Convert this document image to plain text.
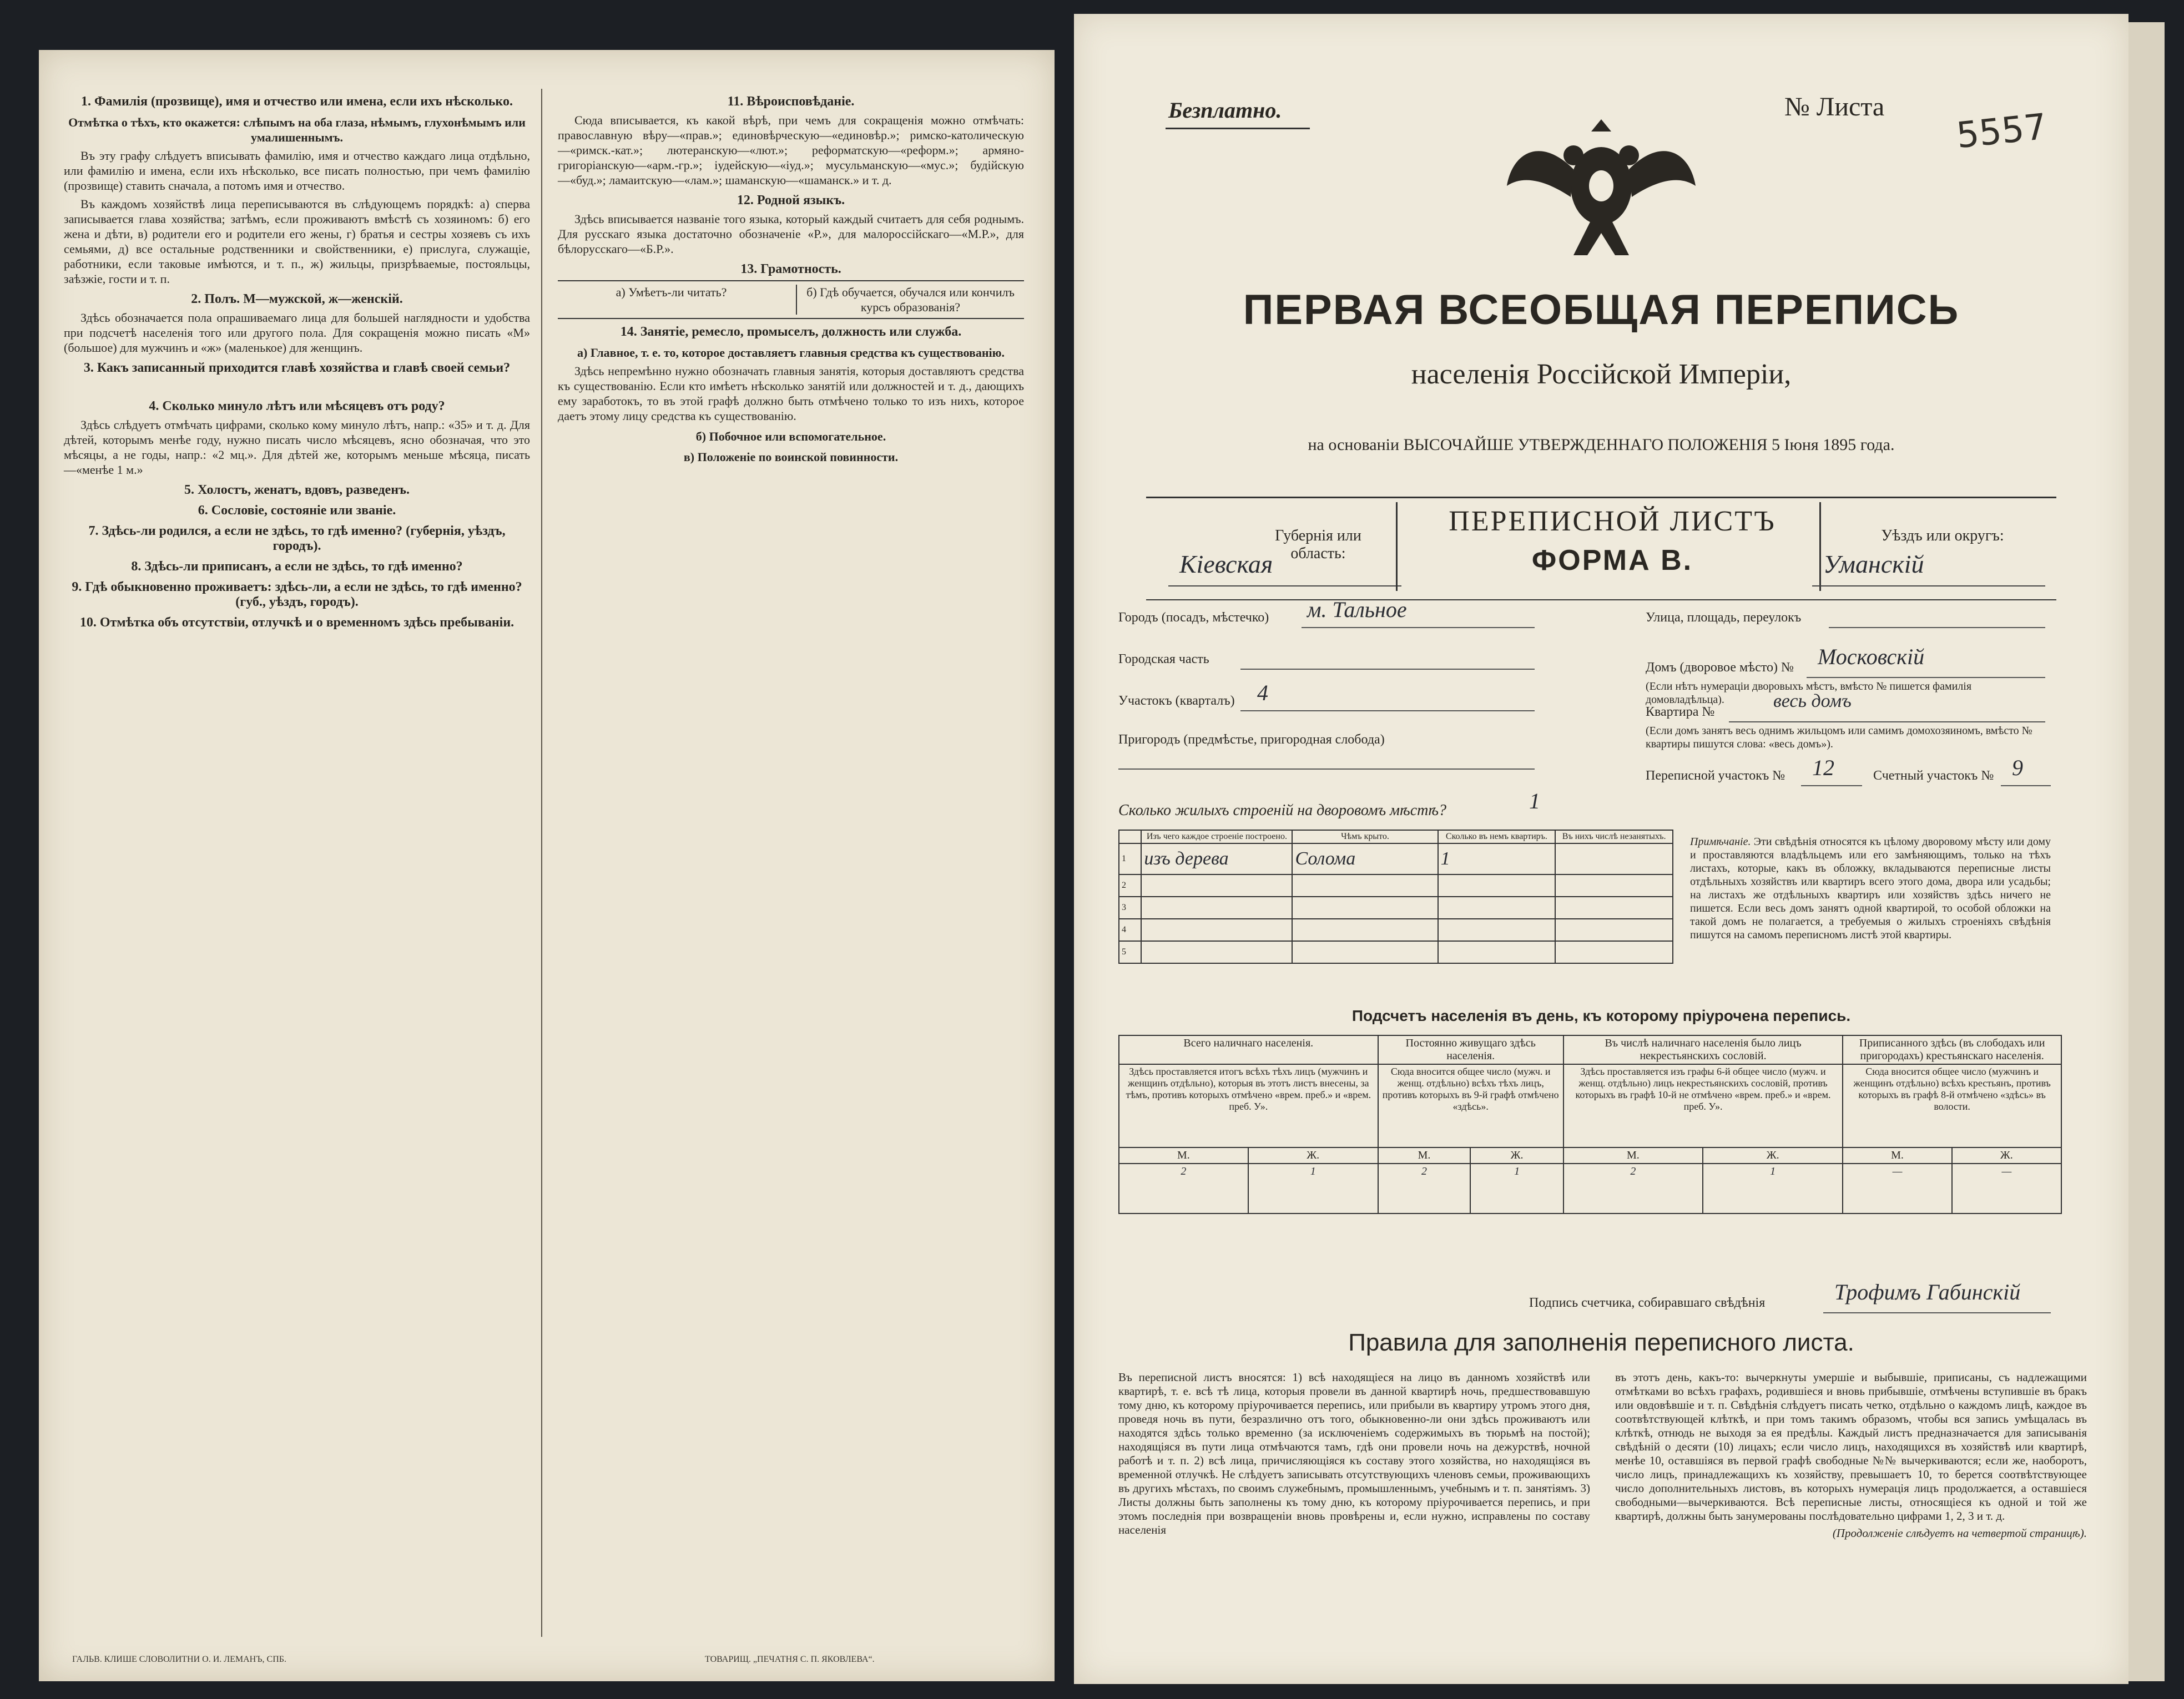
1. Фамилія (прозвище), имя и отчество или имена, если ихъ нѣсколько.
Отмѣтка о тѣхъ, кто окажется: слѣпымъ на оба глаза, нѣмымъ, глухонѣмымъ или умалишеннымъ.

Въ эту графу слѣдуетъ вписывать фамилію, имя и отчество каждаго лица отдѣльно, или фамилію и имена, если ихъ нѣсколько, все писать полностью, при чемъ фамилію (прозвище) ставить сначала, а потомъ имя и отчество.

Въ каждомъ хозяйствѣ лица переписываются въ слѣдующемъ порядкѣ: а) сперва записывается глава хозяйства; затѣмъ, если проживаютъ вмѣстѣ съ хозяиномъ: б) его жена и дѣти, в) родители его и родители его жены, г) братья и сестры хозяевъ съ ихъ семьями, д) все остальные родственники и свойственники, е) прислуга, служащіе, работники, если таковые имѣются, и т. п., ж) жильцы, призрѣваемые, постояльцы, заѣзжіе, гости и т. п.

2. Полъ. М—мужской, ж—женскій.

Здѣсь обозначается пола опрашиваемаго лица для большей наглядности и удобства при подсчетѣ населенія того или другого пола. Для сокращенія можно писать «М» (большое) для мужчинъ и «ж» (маленькое) для женщинъ.

3. Какъ записанный приходится главѣ хозяйства и главѣ своей семьи?

4. Сколько минуло лѣтъ или мѣсяцевъ отъ роду?

Здѣсь слѣдуетъ отмѣчать цифрами, сколько кому минуло лѣтъ, напр.: «35» и т. д. Для дѣтей, которымъ менѣе году, нужно писать число мѣсяцевъ, ясно обозначая, что это мѣсяцы, а не годы, напр.: «2 мц.». Для дѣтей же, которымъ меньше мѣсяца, писать—«менѣе 1 м.»

5. Холостъ, женатъ, вдовъ, разведенъ.
6. Сословіе, состояніе или званіе.
7. Здѣсь-ли родился, а если не здѣсь, то гдѣ именно? (губернія, уѣздъ, городъ).
8. Здѣсь-ли приписанъ, а если не здѣсь, то гдѣ именно?
9. Гдѣ обыкновенно проживаетъ: здѣсь-ли, а если не здѣсь, то гдѣ именно? (губ., уѣздъ, городъ).
10. Отмѣтка объ отсутствіи, отлучкѣ и о временномъ здѣсь пребываніи.
11. Вѣроисповѣданіе.

Сюда вписывается, къ какой вѣрѣ, при чемъ для сокращенія можно отмѣчать: православную вѣру—«прав.»; единовѣрческую—«единовѣр.»; римско-католическую—«римск.-кат.»; лютеранскую—«лют.»; реформатскую—«реформ.»; армяно-григоріанскую—«арм.-гр.»; іудейскую—«іуд.»; мусульманскую—«мус.»; будійскую—«буд.»; ламаитскую—«лам.»; шаманскую—«шаманск.» и т. д.

12. Родной языкъ.

Здѣсь вписывается названіе того языка, который каждый считаетъ для себя роднымъ. Для русскаго языка достаточно обозначеніе «Р.», для малороссійскаго—«М.Р.», для бѣлорусскаго—«Б.Р.».

13. Грамотность.
а) Умѣетъ-ли читать?	б) Гдѣ обучается, обучался или кончилъ курсъ образованія?
14. Занятіе, ремесло, промыселъ, должность или служба.
а) Главное, т. е. то, которое доставляетъ главныя средства къ существованію.

Здѣсь непремѣнно нужно обозначать главныя занятія, которыя доставляютъ средства къ существованію. Если кто имѣетъ нѣсколько занятій или должностей и т. д., дающихъ ему заработокъ, то въ этой графѣ должно быть отмѣчено только то изъ нихъ, которое даетъ этому лицу средства къ существованію.

б) Побочное или вспомогательное.
в) Положеніе по воинской повинности.
ГАЛЬВ. КЛИШЕ СЛОВОЛИТНИ О. И. ЛЕМАНЪ, СПБ.	ТОВАРИЩ. „ПЕЧАТНЯ С. П. ЯКОВЛЕВА“.
Безплатно.	№ Листа 5557
ПЕРВАЯ ВСЕОБЩАЯ ПЕРЕПИСЬ
населенія Россійской Имперіи,
на основаніи ВЫСОЧАЙШЕ УТВЕРЖДЕННАГО ПОЛОЖЕНІЯ 5 Іюня 1895 года.
Губернія или область:
Кіевская
ПЕРЕПИСНОЙ ЛИСТЪ
ФОРМА В.
Уѣздъ или округъ:
Уманскій
Городъ (посадъ, мѣстечко) м. Тальное	Улица, площадь, переулокъ
Городская часть
Домъ (дворовое мѣсто) № Московскій
(Если нѣтъ нумераціи дворовыхъ мѣстъ, вмѣсто № пишется фамилія домовладѣльца).
Участокъ (кварталъ) 4
Квартира №
весь домъ
Пригородъ (предмѣстье, пригородная слобода)
(Если домъ занятъ весь однимъ жильцомъ или самимъ домохозяиномъ, вмѣсто № квартиры пишутся слова: «весь домъ»).
Переписной участокъ № 12	Счетный участокъ № 9
Сколько жилыхъ строеній на дворовомъ мѣстѣ?	1
	Изъ чего каждое строеніе построено.	Чѣмъ крыто.	Сколько въ немъ квартиръ.	Въ нихъ числѣ незанятыхъ.
1	изъ дерева	Солома	1	
2				
3				
4				
5				
Примѣчаніе. Эти свѣдѣнія относятся къ цѣлому дворовому мѣсту или дому и проставляются владѣльцемъ или его замѣняющимъ, только на тѣхъ листахъ, которые, какъ въ обложку, вкладываются переписные листы отдѣльныхъ хозяйствъ или квартиръ всего этого дома, двора или усадьбы; на листахъ же отдѣльныхъ квартиръ или хозяйствъ здѣсь ничего не пишется. Если весь домъ занятъ одной квартирой, то особой обложки на такой домъ не полагается, а требуемыя о жилыхъ строеніяхъ свѣдѣнія пишутся на самомъ переписномъ листѣ этой квартиры.
Подсчетъ населенія въ день, къ которому пріурочена перепись.
Всего наличнаго населенія.		Постоянно живущаго здѣсь населенія.		Въ числѣ наличнаго населенія было лицъ некрестьянскихъ сословій.		Приписанного здѣсь (въ слободахъ или пригородахъ) крестьянскаго населенія.	
Здѣсь проставляется итогъ всѣхъ тѣхъ лицъ (мужчинъ и женщинъ отдѣльно), которыя въ этотъ листъ внесены, за тѣмъ, противъ которыхъ отмѣчено «врем. преб.» и «врем. преб. У».		Сюда вносится общее число (мужч. и женщ. отдѣльно) всѣхъ тѣхъ лицъ, противъ которыхъ въ 9-й графѣ отмѣчено «здѣсь».		Здѣсь проставляется изъ графы 6-й общее число (мужч. и женщ. отдѣльно) лицъ некрестьянскихъ сословій, противъ которыхъ въ графѣ 10-й не отмѣчено «врем. преб.» и «врем. преб. У».		Сюда вносится общее число (мужчинъ и женщинъ отдѣльно) всѣхъ крестьянъ, противъ которыхъ въ графѣ 8-й отмѣчено «здѣсь» въ волости.	
М.	Ж.	М.	Ж.	М.	Ж.	М.	Ж.
2	1	2	1	2	1	—	—
Подпись счетчика, собиравшаго свѣдѣнія	Трофимъ Габинскій
Правила для заполненія переписного листа.
Въ переписной листъ вносятся: 1) всѣ находящіеся на лицо въ данномъ хозяйствѣ или квартирѣ, т. е. всѣ тѣ лица, которыя провели въ данной квартирѣ ночь, предшествовавшую тому дню, къ которому пріурочивается перепись, или прибыли въ квартиру утромъ этого дня, проведя ночь въ пути, безразлично отъ того, обыкновенно-ли они здѣсь проживаютъ или находятся здѣсь только временно (за исключеніемъ содержимыхъ въ тюрьмѣ на постой); находящіяся въ пути лица отмѣчаются тамъ, гдѣ они провели ночь на дежурствѣ, ночной работѣ и т. п. 2) всѣ лица, причисляющіяся къ составу этого хозяйства, но находящіяся въ временной отлучкѣ. Не слѣдуетъ записывать отсутствующихъ членовъ семьи, проживающихъ въ другихъ мѣстахъ, по своимъ служебнымъ, промышленнымъ, учебнымъ и т. п. занятіямъ. 3) Листы должны быть заполнены къ тому дню, къ которому пріурочивается перепись, и при этомъ последнія при возвращеніи вновь провѣрены и, если нужно, исправлены по составу населенія
въ этотъ день, какъ-то: вычеркнуты умершіе и выбывшіе, приписаны, съ надлежащими отмѣтками во всѣхъ графахъ, родившіеся и вновь прибывшіе, отмѣчены вступившіе въ бракъ или овдовѣвшіе и т. п. Свѣдѣнія слѣдуетъ писать четко, отдѣльно о каждомъ лицѣ, каждое въ соотвѣтствующей клѣткѣ, и при томъ такимъ образомъ, чтобы вся запись умѣщалась въ клѣткѣ, отнюдь не выходя за ея предѣлы. Каждый листъ предназначается для записыванія свѣдѣній о десяти (10) лицахъ; если число лицъ, находящихся въ хозяйствѣ или квартирѣ, менѣе 10, оставшіяся въ первой графѣ свободные №№ вычеркиваются; если же, наоборотъ, число лицъ, принадлежащихъ къ хозяйству, превышаетъ 10, то берется соотвѣтствующее число дополнительныхъ листовъ, въ которыхъ нумерація лицъ продолжается, а оставшіеся свободными—вычеркиваются. Всѣ переписные листы, относящіеся къ одной и той же квартирѣ, должны быть занумерованы послѣдовательно цифрами 1, 2, 3 и т. д.
(Продолженіе слѣдуетъ на четвертой страницѣ).
